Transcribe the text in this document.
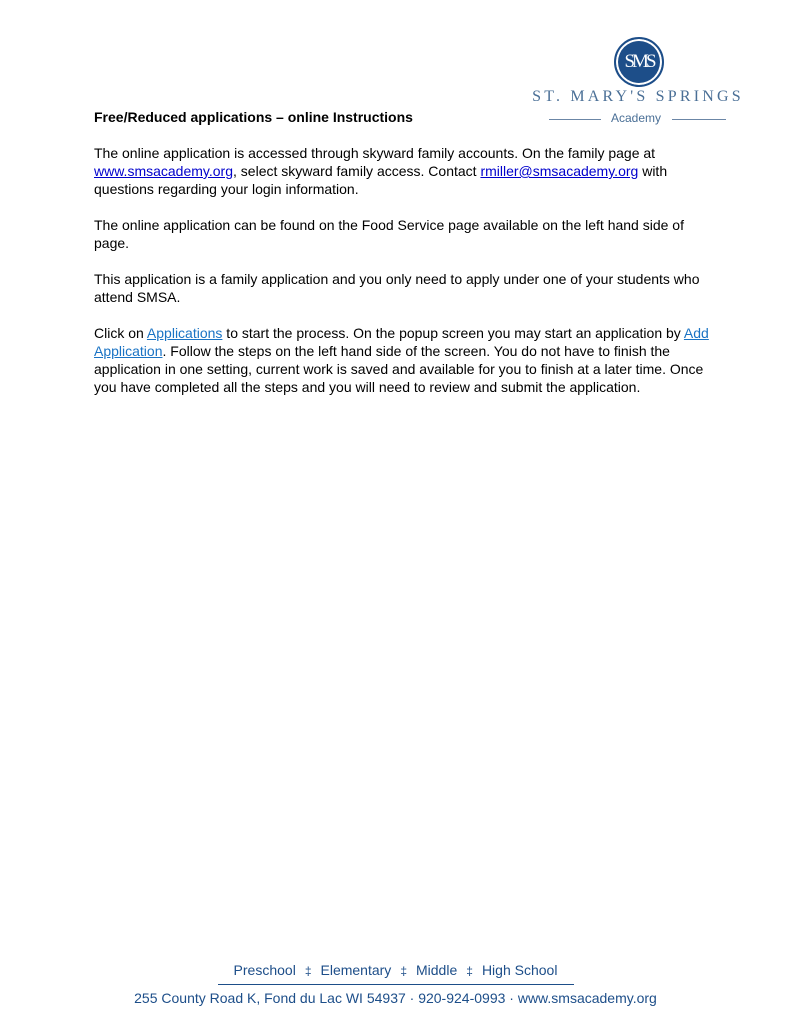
SMS
ST. MARY'S SPRINGS
Academy

Free/Reduced applications – online Instructions

The online application is accessed through skyward family accounts. On the family page at www.smsacademy.org, select skyward family access. Contact rmiller@smsacademy.org with questions regarding your login information.

The online application can be found on the Food Service page available on the left hand side of page.

This application is a family application and you only need to apply under one of your students who attend SMSA.

Click on Applications to start the process. On the popup screen you may start an application by Add Application. Follow the steps on the left hand side of the screen. You do not have to finish the application in one setting, current work is saved and available for you to finish at a later time. Once you have completed all the steps and you will need to review and submit the application.

Preschool ‡ Elementary ‡ Middle ‡ High School
255 County Road K, Fond du Lac WI 54937 · 920-924-0993 · www.smsacademy.org
